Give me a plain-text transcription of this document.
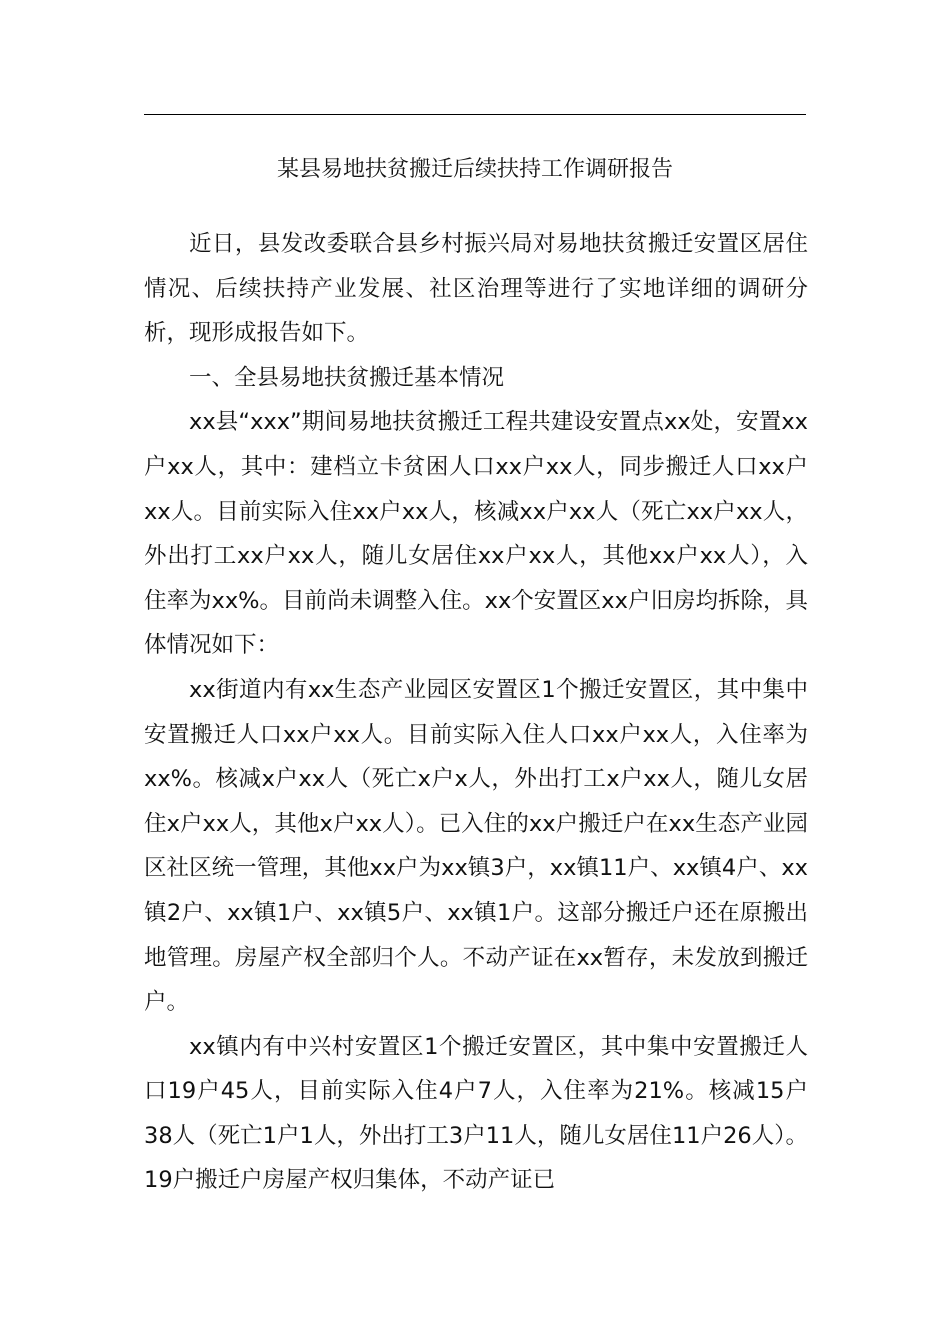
某县易地扶贫搬迁后续扶持工作调研报告

近日，县发改委联合县乡村振兴局对易地扶贫搬迁安置区居住情况、后续扶持产业发展、社区治理等进行了实地详细的调研分析，现形成报告如下。

一、全县易地扶贫搬迁基本情况

xx县“xxx”期间易地扶贫搬迁工程共建设安置点xx处，安置xx户xx人，其中：建档立卡贫困人口xx户xx人，同步搬迁人口xx户xx人。目前实际入住xx户xx人，核减xx户xx人（死亡xx户xx人，外出打工xx户xx人，随儿女居住xx户xx人，其他xx户xx人），入住率为xx%。目前尚未调整入住。xx个安置区xx户旧房均拆除，具体情况如下：

xx街道内有xx生态产业园区安置区1个搬迁安置区，其中集中安置搬迁人口xx户xx人。目前实际入住人口xx户xx人，入住率为xx%。核减x户xx人（死亡x户x人，外出打工x户xx人，随儿女居住x户xx人，其他x户xx人）。已入住的xx户搬迁户在xx生态产业园区社区统一管理，其他xx户为xx镇3户，xx镇11户、xx镇4户、xx镇2户、xx镇1户、xx镇5户、xx镇1户。这部分搬迁户还在原搬出地管理。房屋产权全部归个人。不动产证在xx暂存，未发放到搬迁户。

xx镇内有中兴村安置区1个搬迁安置区，其中集中安置搬迁人口19户45人，目前实际入住4户7人，入住率为21%。核减15户38人（死亡1户1人，外出打工3户11人，随儿女居住11户26人）。19户搬迁户房屋产权归集体，不动产证已
